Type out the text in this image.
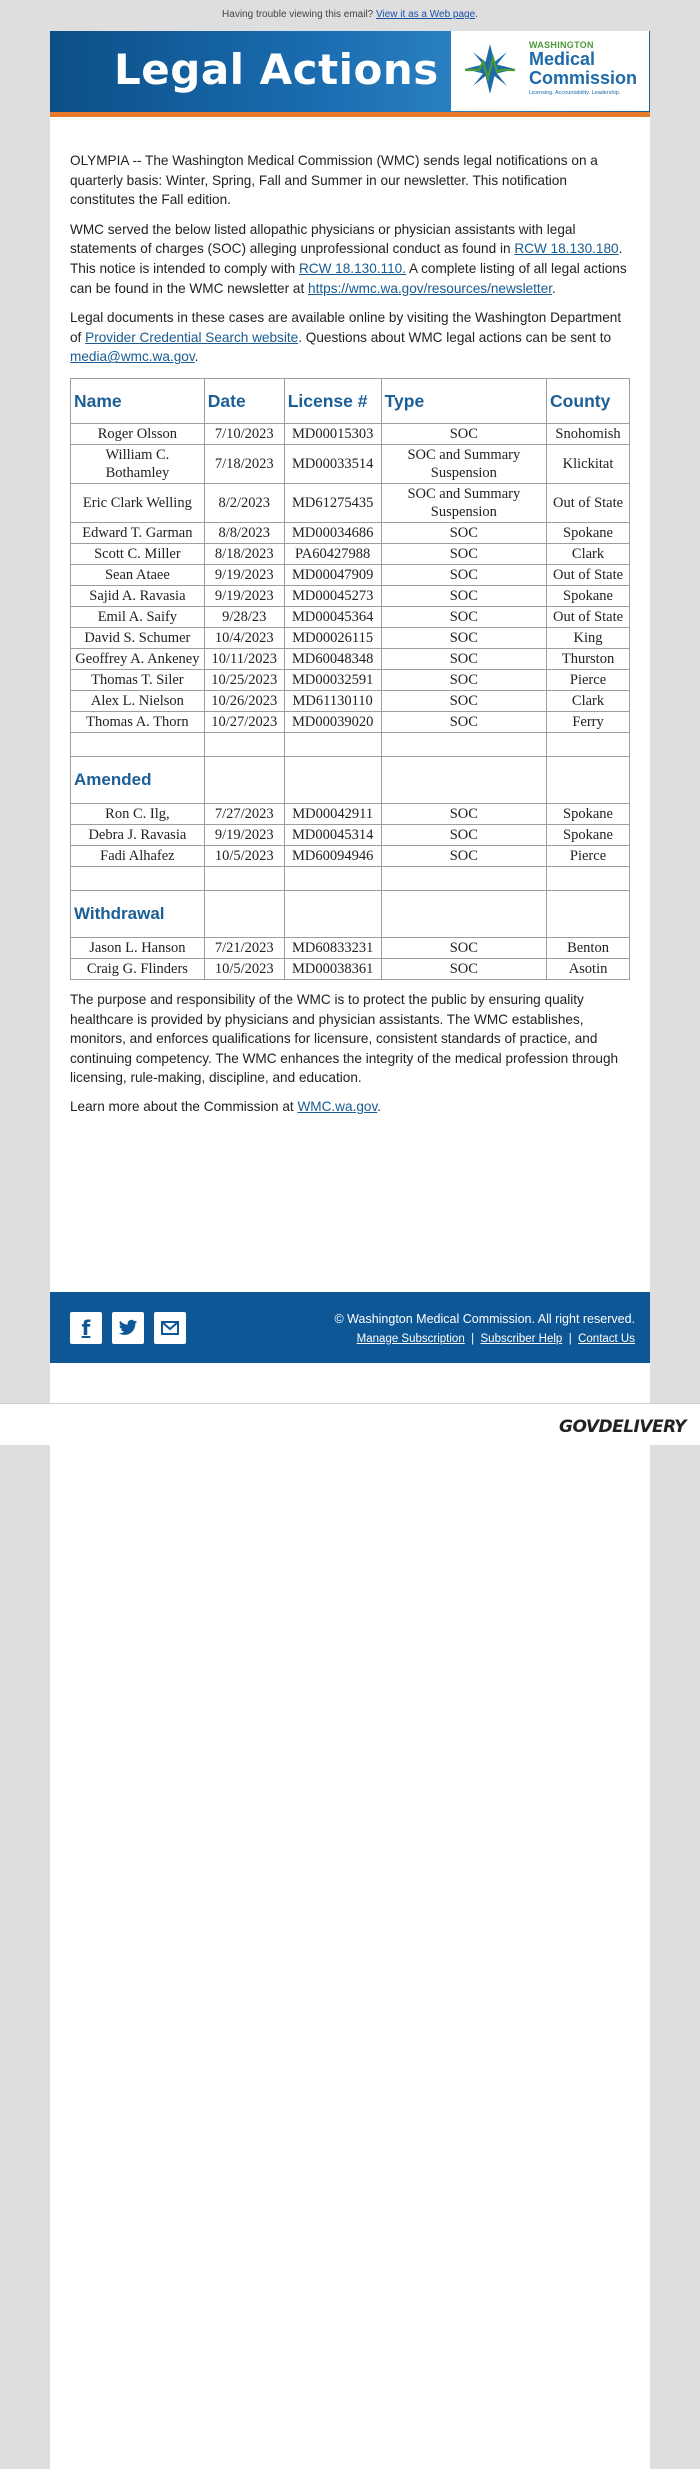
Having trouble viewing this email? View it as a Web page.
Legal Actions	WASHINGTON
Medical
Commission
Licensing. Accountability. Leadership.

OLYMPIA -- The Washington Medical Commission (WMC) sends legal notifications on a quarterly basis: Winter, Spring, Fall and Summer in our newsletter. This notification constitutes the Fall edition.

WMC served the below listed allopathic physicians or physician assistants with legal statements of charges (SOC) alleging unprofessional conduct as found in RCW 18.130.180. This notice is intended to comply with RCW 18.130.110. A complete listing of all legal actions can be found in the WMC newsletter at https://wmc.wa.gov/resources/newsletter.

Legal documents in these cases are available online by visiting the Washington Department of Provider Credential Search website. Questions about WMC legal actions can be sent to media@wmc.wa.gov.

Name	Date	License #	Type	County
Roger Olsson	7/10/2023	MD00015303	SOC	Snohomish
William C. Bothamley	7/18/2023	MD00033514	SOC and Summary Suspension	Klickitat
Eric Clark Welling	8/2/2023	MD61275435	SOC and Summary Suspension	Out of State
Edward T. Garman	8/8/2023	MD00034686	SOC	Spokane
Scott C. Miller	8/18/2023	PA60427988	SOC	Clark
Sean Ataee	9/19/2023	MD00047909	SOC	Out of State
Sajid A. Ravasia	9/19/2023	MD00045273	SOC	Spokane
Emil A. Saify	9/28/23	MD00045364	SOC	Out of State
David S. Schumer	10/4/2023	MD00026115	SOC	King
Geoffrey A. Ankeney	10/11/2023	MD60048348	SOC	Thurston
Thomas T. Siler	10/25/2023	MD00032591	SOC	Pierce
Alex L. Nielson	10/26/2023	MD61130110	SOC	Clark
Thomas A. Thorn	10/27/2023	MD00039020	SOC	Ferry

Amended				
Ron C. Ilg,	7/27/2023	MD00042911	SOC	Spokane
Debra J. Ravasia	9/19/2023	MD00045314	SOC	Spokane
Fadi Alhafez	10/5/2023	MD60094946	SOC	Pierce

Withdrawal				
Jason L. Hanson	7/21/2023	MD60833231	SOC	Benton
Craig G. Flinders	10/5/2023	MD00038361	SOC	Asotin

The purpose and responsibility of the WMC is to protect the public by ensuring quality healthcare is provided by physicians and physician assistants. The WMC establishes, monitors, and enforces qualifications for licensure, consistent standards of practice, and continuing competency. The WMC enhances the integrity of the medical profession through licensing, rule-making, discipline, and education.

Learn more about the Commission at WMC.wa.gov.

f	© Washington Medical Commission. All right reserved.
Manage Subscription | Subscriber Help | Contact Us
GOVDELIVERY
